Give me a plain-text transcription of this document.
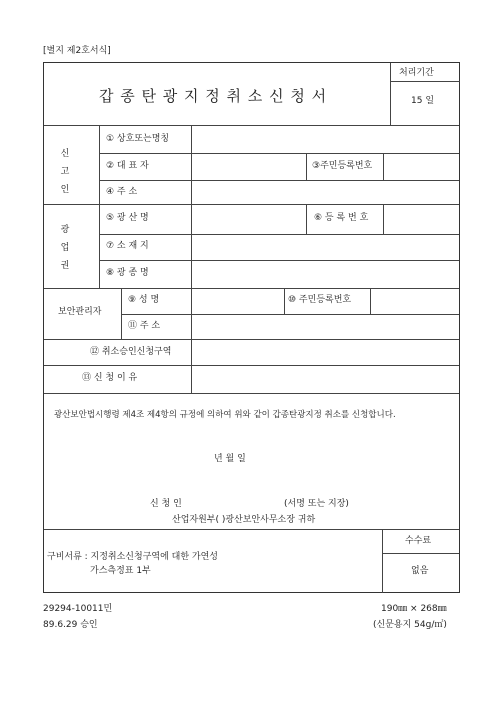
[별지 제2호서식]
갑 종 탄 광 지 정 취 소 신 청 서
처리기간
15 일
신
고
인
① 상호또는명칭
② 대 표 자	③주민등록번호
④ 주 소
광
업
권
⑤ 광 산 명	⑥ 등 록 번 호
⑦ 소 재 지
⑧ 광 종 명
보안관리자
⑨ 성 명	⑩ 주민등록번호
⑪ 주 소
⑫ 취소승인신청구역
⑬ 신 청 이 유
광산보안법시행령 제4조 제4항의 규정에 의하여 위와 같이 갑종탄광지정 취소를 신청합니다.
년 월 일
신 청 인	(서명 또는 지장)
산업자원부( )광산보안사무소장 귀하
구비서류 : 지정취소신청구역에 대한 가연성
가스측정표 1부
수수료
없음
29294-10011민
89.6.29 승인
190㎜ × 268㎜
(신문용지 54g/㎡)
